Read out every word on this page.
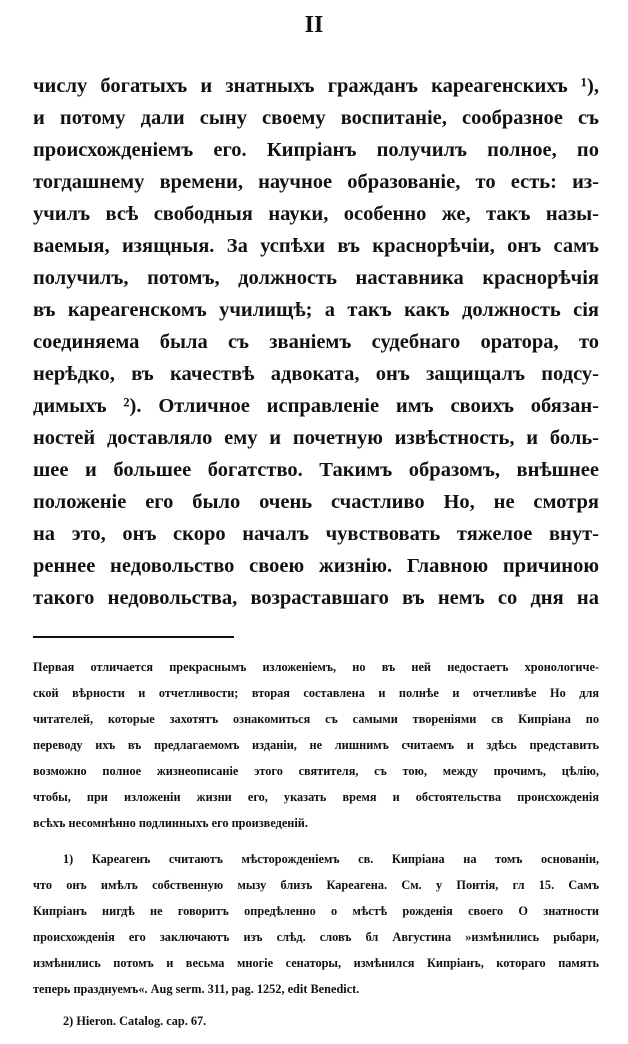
II
числу богатыхъ и знатныхъ гражданъ кареагенскихъ ¹),
и потому дали сыну своему воспитанiе, сообразное съ
происхожденiемъ его. Кипрiанъ получилъ полное, по
тогдашнему времени, научное образованiе, то есть: из-
училъ всѣ свободныя науки, особенно же, такъ назы-
ваемыя, изящныя. За успѣхи въ краснорѣчiи, онъ самъ
получилъ, потомъ, должность наставника краснорѣчiя
въ кареагенскомъ училищѣ; а такъ какъ должность сiя
соединяема была съ званiемъ судебнаго оратора, то
нерѣдко, въ качествѣ адвоката, онъ защищалъ подсу-
димыхъ ²). Отличное исправленiе имъ своихъ обязан-
ностей доставляло ему и почетную извѣстность, и боль-
шее и большее богатство. Такимъ образомъ, внѣшнее
положенiе его было очень счастливо Но, не смотря
на это, онъ скоро началъ чувствовать тяжелое внут-
реннее недовольство своею жизнiю. Главною причиною
такого недовольства, возраставшаго въ немъ со дня на
Первая отличается прекраснымъ изложенiемъ, но въ ней недостаетъ хронологиче-
ской вѣрности и отчетливости; вторая составлена и полнѣе и отчетливѣе Но для
читателей, которые захотятъ ознакомиться съ самыми творенiями св Кипрiана по
переводу ихъ въ предлагаемомъ изданiи, не лишнимъ считаемъ и здѣсь представить
возможно полное жизнеописанiе этого святителя, съ тою, между прочимъ, цѣлiю,
чтобы, при изложенiи жизни его, указать время и обстоятельства происхожденiя
всѣхъ несомнѣнно подлинныхъ его произведенiй.
1) Кареагенъ считаютъ мѣсторожденiемъ св. Кипрiана на томъ основанiи,
что онъ имѣлъ собственную мызу близъ Кареагена. См. у Понтiя, гл 15. Самъ
Кипрiанъ нигдѣ не говоритъ опредѣленно о мѣстѣ рожденiя своего О знатности
происхожденiя его заключаютъ изъ слѣд. словъ бл Августина »измѣнились рыбари,
измѣнились потомъ и весьма многiе сенаторы, измѣнился Кипрiанъ, котораго память
теперь празднуемъ«. Aug serm. 311, pag. 1252, edit Benedict.
2) Hieron. Catalog. cap. 67.
